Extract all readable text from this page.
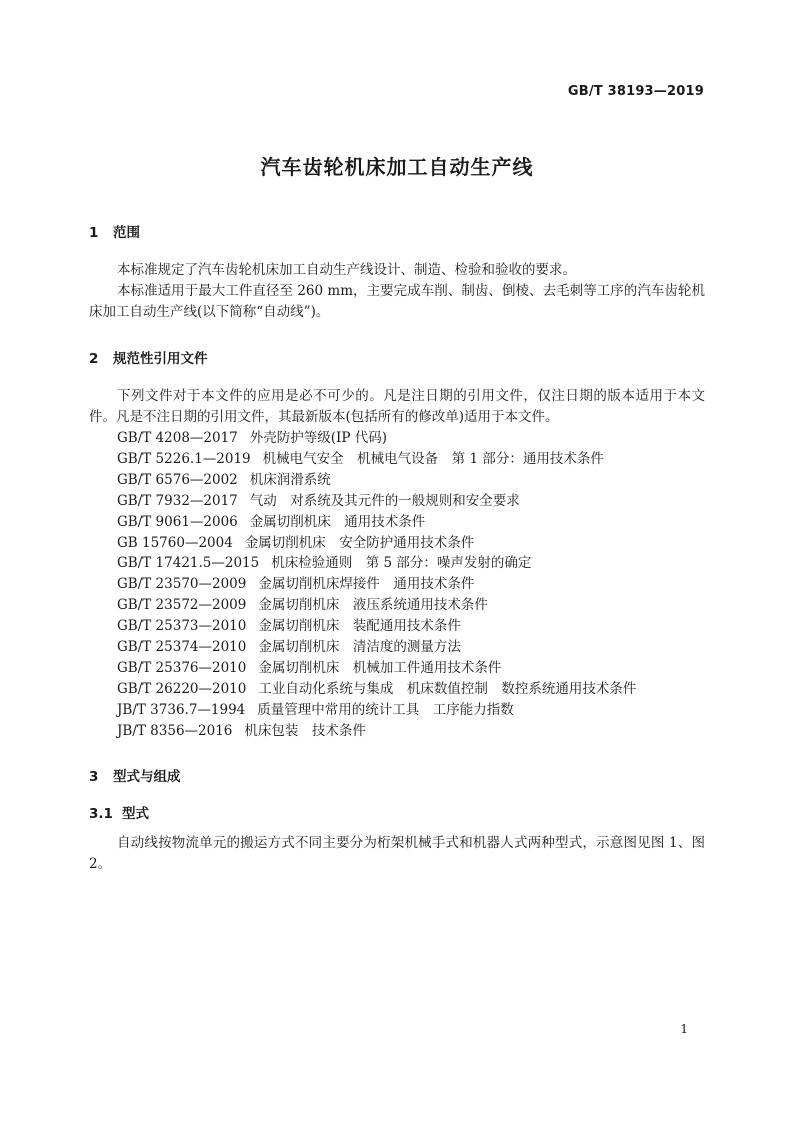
GB/T 38193—2019
汽车齿轮机床加工自动生产线
1 范围

本标准规定了汽车齿轮机床加工自动生产线设计、制造、检验和验收的要求。

本标准适用于最大工件直径至 260 mm，主要完成车削、制齿、倒棱、去毛刺等工序的汽车齿轮机床加工自动生产线(以下简称“自动线”)。

2 规范性引用文件

下列文件对于本文件的应用是必不可少的。凡是注日期的引用文件，仅注日期的版本适用于本文件。凡是不注日期的引用文件，其最新版本(包括所有的修改单)适用于本文件。

GB/T 4208—2017 外壳防护等级(IP 代码)
GB/T 5226.1—2019 机械电气安全　机械电气设备　第 1 部分：通用技术条件
GB/T 6576—2002 机床润滑系统
GB/T 7932—2017 气动　对系统及其元件的一般规则和安全要求
GB/T 9061—2006 金属切削机床　通用技术条件
GB 15760—2004 金属切削机床　安全防护通用技术条件
GB/T 17421.5—2015 机床检验通则　第 5 部分：噪声发射的确定
GB/T 23570—2009 金属切削机床焊接件　通用技术条件
GB/T 23572—2009 金属切削机床　液压系统通用技术条件
GB/T 25373—2010 金属切削机床　装配通用技术条件
GB/T 25374—2010 金属切削机床　清洁度的测量方法
GB/T 25376—2010 金属切削机床　机械加工件通用技术条件
GB/T 26220—2010 工业自动化系统与集成　机床数值控制　数控系统通用技术条件
JB/T 3736.7—1994 质量管理中常用的统计工具　工序能力指数
JB/T 8356—2016 机床包装　技术条件
3 型式与组成
3.1 型式

自动线按物流单元的搬运方式不同主要分为桁架机械手式和机器人式两种型式，示意图见图 1、图 2。

1
